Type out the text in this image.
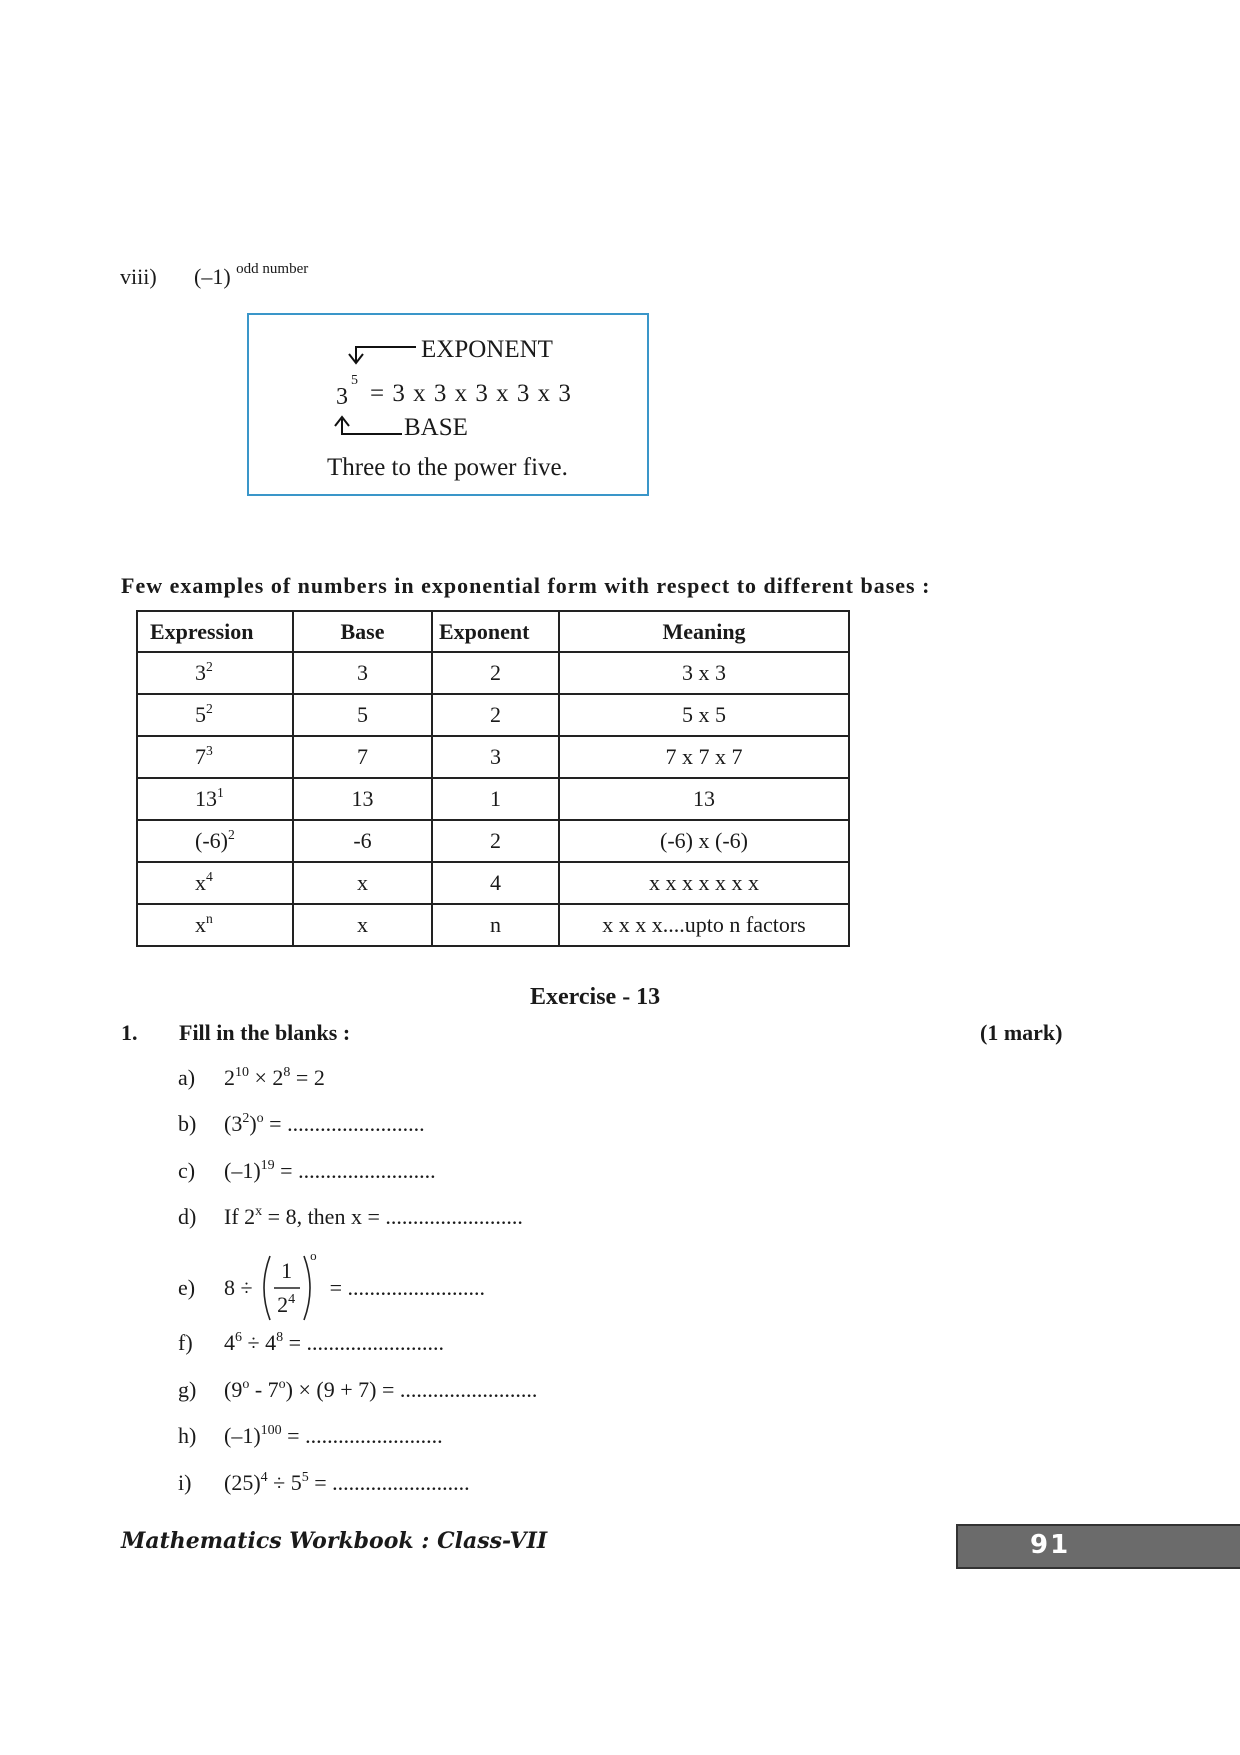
viii) (–1) $^{odd number}$
EXPONENT
3
5 = 3 x 3 x 3 x 3 x 3
BASE
Three to the power five.
Few examples of numbers in exponential form with respect to different bases :
Expression	Base	Exponent	Meaning
$3^2$	3	2	3 x 3
$5^2$	5	2	5 x 5
$7^3$	7	3	7 x 7 x 7
$13^1$	13	1	13
$(-6)^2$	-6	2	(-6) x (-6)
$x^4$	x	4	x x x x x x x
$x^n$	x	n	x x x x....upto n factors
Exercise - 13
1. Fill in the blanks :	(1 mark)
a) $2^{10} \times 2^8 = 2$
b) $(3^2)^o$ = .........................
c) $(-1)^{19}$ = .........................
d) If $2^x = 8$, then x = .........................
e) 8 ÷
1
$2^4$
o
= .........................
f) $4^6 \div 4^8$ = .........................
g) $(9^o - 7^o) \times (9 + 7)$ = .........................
h) $(-1)^{100}$ = .........................
i) $(25)^4 \div 5^5$ = .........................
Mathematics Workbook : Class-VII	91
